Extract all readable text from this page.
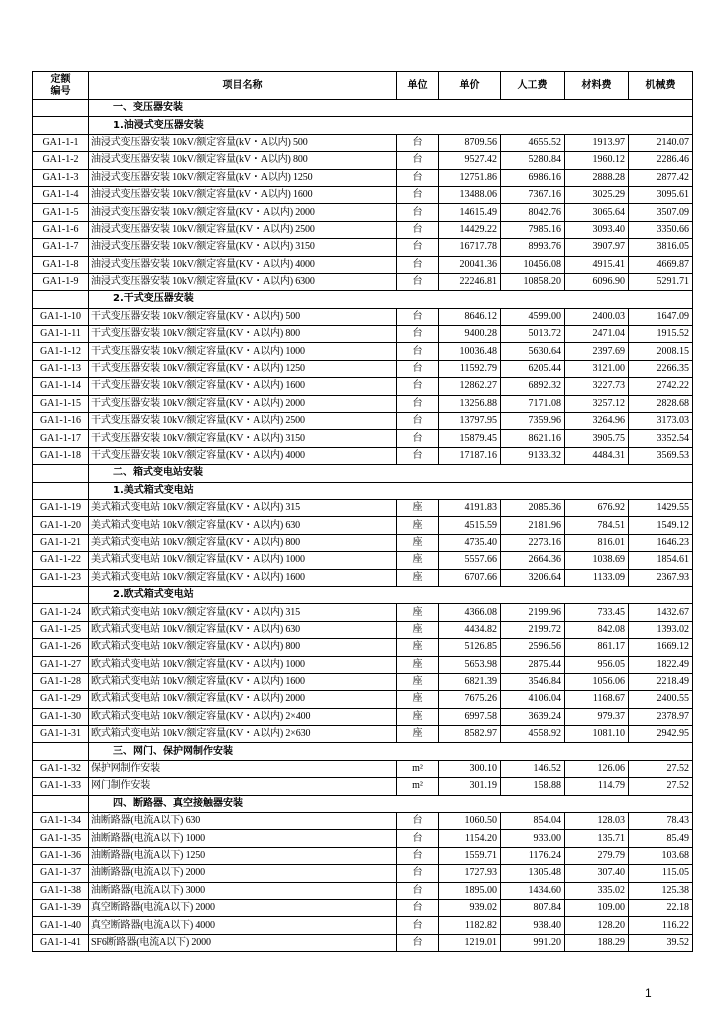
定额
编号	项目名称	单位	单价	人工费	材料费	机械费
	一、变压器安装					
	1.油浸式变压器安装					
GA1-1-1	油浸式变压器安装 10kV/额定容量(kV・A以内) 500	台	8709.56	4655.52	1913.97	2140.07
GA1-1-2	油浸式变压器安装 10kV/额定容量(kV・A以内) 800	台	9527.42	5280.84	1960.12	2286.46
GA1-1-3	油浸式变压器安装 10kV/额定容量(kV・A以内) 1250	台	12751.86	6986.16	2888.28	2877.42
GA1-1-4	油浸式变压器安装 10kV/额定容量(kV・A以内) 1600	台	13488.06	7367.16	3025.29	3095.61
GA1-1-5	油浸式变压器安装 10kV/额定容量(KV・A以内) 2000	台	14615.49	8042.76	3065.64	3507.09
GA1-1-6	油浸式变压器安装 10kV/额定容量(KV・A以内) 2500	台	14429.22	7985.16	3093.40	3350.66
GA1-1-7	油浸式变压器安装 10kV/额定容量(KV・A以内) 3150	台	16717.78	8993.76	3907.97	3816.05
GA1-1-8	油浸式变压器安装 10kV/额定容量(KV・A以内) 4000	台	20041.36	10456.08	4915.41	4669.87
GA1-1-9	油浸式变压器安装 10kV/额定容量(KV・A以内) 6300	台	22246.81	10858.20	6096.90	5291.71
	2.干式变压器安装					
GA1-1-10	干式变压器安装 10kV/额定容量(KV・A以内) 500	台	8646.12	4599.00	2400.03	1647.09
GA1-1-11	干式变压器安装 10kV/额定容量(KV・A以内) 800	台	9400.28	5013.72	2471.04	1915.52
GA1-1-12	干式变压器安装 10kV/额定容量(KV・A以内) 1000	台	10036.48	5630.64	2397.69	2008.15
GA1-1-13	干式变压器安装 10kV/额定容量(KV・A以内) 1250	台	11592.79	6205.44	3121.00	2266.35
GA1-1-14	干式变压器安装 10kV/额定容量(KV・A以内) 1600	台	12862.27	6892.32	3227.73	2742.22
GA1-1-15	干式变压器安装 10kV/额定容量(KV・A以内) 2000	台	13256.88	7171.08	3257.12	2828.68
GA1-1-16	干式变压器安装 10kV/额定容量(KV・A以内) 2500	台	13797.95	7359.96	3264.96	3173.03
GA1-1-17	干式变压器安装 10kV/额定容量(KV・A以内) 3150	台	15879.45	8621.16	3905.75	3352.54
GA1-1-18	干式变压器安装 10kV/额定容量(KV・A以内) 4000	台	17187.16	9133.32	4484.31	3569.53
	二、箱式变电站安装					
	1.美式箱式变电站					
GA1-1-19	美式箱式变电站 10kV/额定容量(KV・A以内) 315	座	4191.83	2085.36	676.92	1429.55
GA1-1-20	美式箱式变电站 10kV/额定容量(KV・A以内) 630	座	4515.59	2181.96	784.51	1549.12
GA1-1-21	美式箱式变电站 10kV/额定容量(KV・A以内) 800	座	4735.40	2273.16	816.01	1646.23
GA1-1-22	美式箱式变电站 10kV/额定容量(KV・A以内) 1000	座	5557.66	2664.36	1038.69	1854.61
GA1-1-23	美式箱式变电站 10kV/额定容量(KV・A以内) 1600	座	6707.66	3206.64	1133.09	2367.93
	2.欧式箱式变电站					
GA1-1-24	欧式箱式变电站 10kV/额定容量(KV・A以内) 315	座	4366.08	2199.96	733.45	1432.67
GA1-1-25	欧式箱式变电站 10kV/额定容量(KV・A以内) 630	座	4434.82	2199.72	842.08	1393.02
GA1-1-26	欧式箱式变电站 10kV/额定容量(KV・A以内) 800	座	5126.85	2596.56	861.17	1669.12
GA1-1-27	欧式箱式变电站 10kV/额定容量(KV・A以内) 1000	座	5653.98	2875.44	956.05	1822.49
GA1-1-28	欧式箱式变电站 10kV/额定容量(KV・A以内) 1600	座	6821.39	3546.84	1056.06	2218.49
GA1-1-29	欧式箱式变电站 10kV/额定容量(KV・A以内) 2000	座	7675.26	4106.04	1168.67	2400.55
GA1-1-30	欧式箱式变电站 10kV/额定容量(KV・A以内) 2×400	座	6997.58	3639.24	979.37	2378.97
GA1-1-31	欧式箱式变电站 10kV/额定容量(KV・A以内) 2×630	座	8582.97	4558.92	1081.10	2942.95
	三、网门、保护网制作安装					
GA1-1-32	保护网制作安装	m²	300.10	146.52	126.06	27.52
GA1-1-33	网门制作安装	m²	301.19	158.88	114.79	27.52
	四、断路器、真空接触器安装					
GA1-1-34	油断路器(电流A以下) 630	台	1060.50	854.04	128.03	78.43
GA1-1-35	油断路器(电流A以下) 1000	台	1154.20	933.00	135.71	85.49
GA1-1-36	油断路器(电流A以下) 1250	台	1559.71	1176.24	279.79	103.68
GA1-1-37	油断路器(电流A以下) 2000	台	1727.93	1305.48	307.40	115.05
GA1-1-38	油断路器(电流A以下) 3000	台	1895.00	1434.60	335.02	125.38
GA1-1-39	真空断路器(电流A以下) 2000	台	939.02	807.84	109.00	22.18
GA1-1-40	真空断路器(电流A以下) 4000	台	1182.82	938.40	128.20	116.22
GA1-1-41	SF6断路器(电流A以下) 2000	台	1219.01	991.20	188.29	39.52
1
